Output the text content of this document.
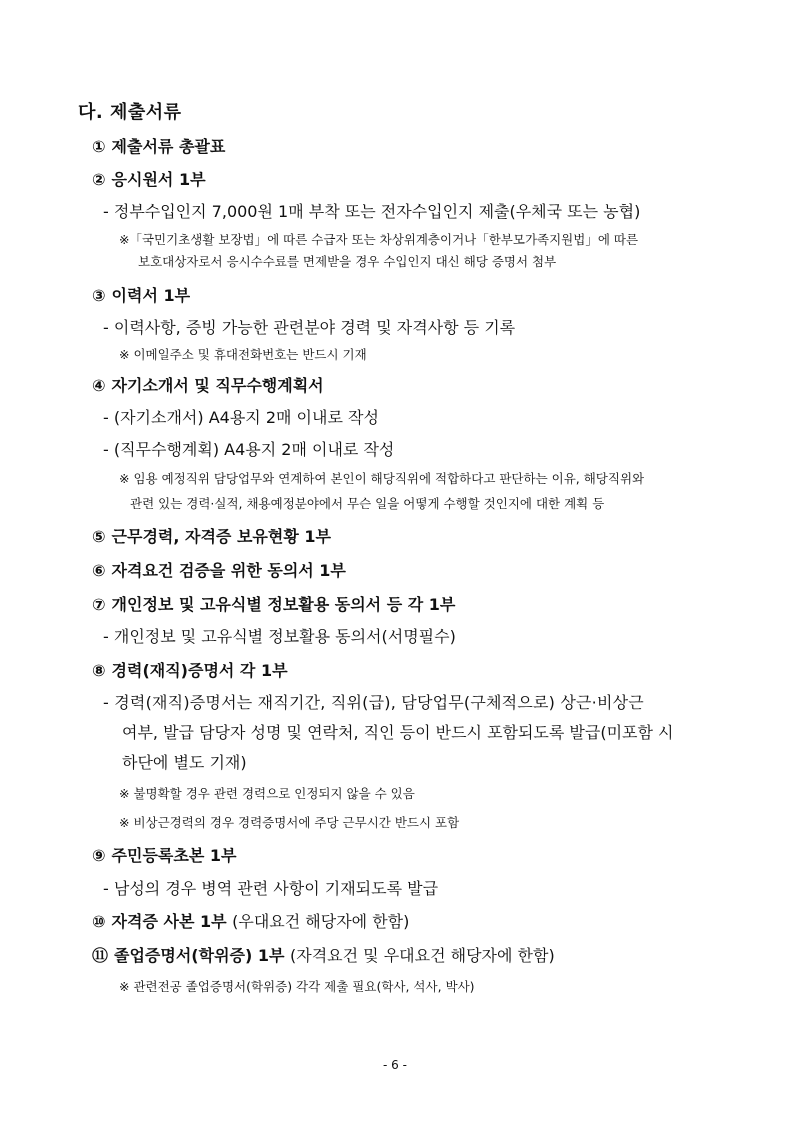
다. 제출서류
① 제출서류 총괄표
② 응시원서 1부
- 정부수입인지 7,000원 1매 부착 또는 전자수입인지 제출(우체국 또는 농협)
※「국민기초생활 보장법」에 따른 수급자 또는 차상위계층이거나「한부모가족지원법」에 따른
보호대상자로서 응시수수료를 면제받을 경우 수입인지 대신 해당 증명서 첨부
③ 이력서 1부
- 이력사항, 증빙 가능한 관련분야 경력 및 자격사항 등 기록
※ 이메일주소 및 휴대전화번호는 반드시 기재
④ 자기소개서 및 직무수행계획서
- (자기소개서) A4용지 2매 이내로 작성
- (직무수행계획) A4용지 2매 이내로 작성
※ 임용 예정직위 담당업무와 연계하여 본인이 해당직위에 적합하다고 판단하는 이유, 해당직위와
관련 있는 경력·실적, 채용예정분야에서 무슨 일을 어떻게 수행할 것인지에 대한 계획 등
⑤ 근무경력, 자격증 보유현황 1부
⑥ 자격요건 검증을 위한 동의서 1부
⑦ 개인정보 및 고유식별 정보활용 동의서 등 각 1부
- 개인정보 및 고유식별 정보활용 동의서(서명필수)
⑧ 경력(재직)증명서 각 1부
- 경력(재직)증명서는 재직기간, 직위(급), 담당업무(구체적으로) 상근·비상근
여부, 발급 담당자 성명 및 연락처, 직인 등이 반드시 포함되도록 발급(미포함 시
하단에 별도 기재)
※ 불명확할 경우 관련 경력으로 인정되지 않을 수 있음
※ 비상근경력의 경우 경력증명서에 주당 근무시간 반드시 포함
⑨ 주민등록초본 1부
- 남성의 경우 병역 관련 사항이 기재되도록 발급
⑩ 자격증 사본 1부 (우대요건 해당자에 한함)
⑪ 졸업증명서(학위증) 1부 (자격요건 및 우대요건 해당자에 한함)
※ 관련전공 졸업증명서(학위증) 각각 제출 필요(학사, 석사, 박사)
- 6 -
